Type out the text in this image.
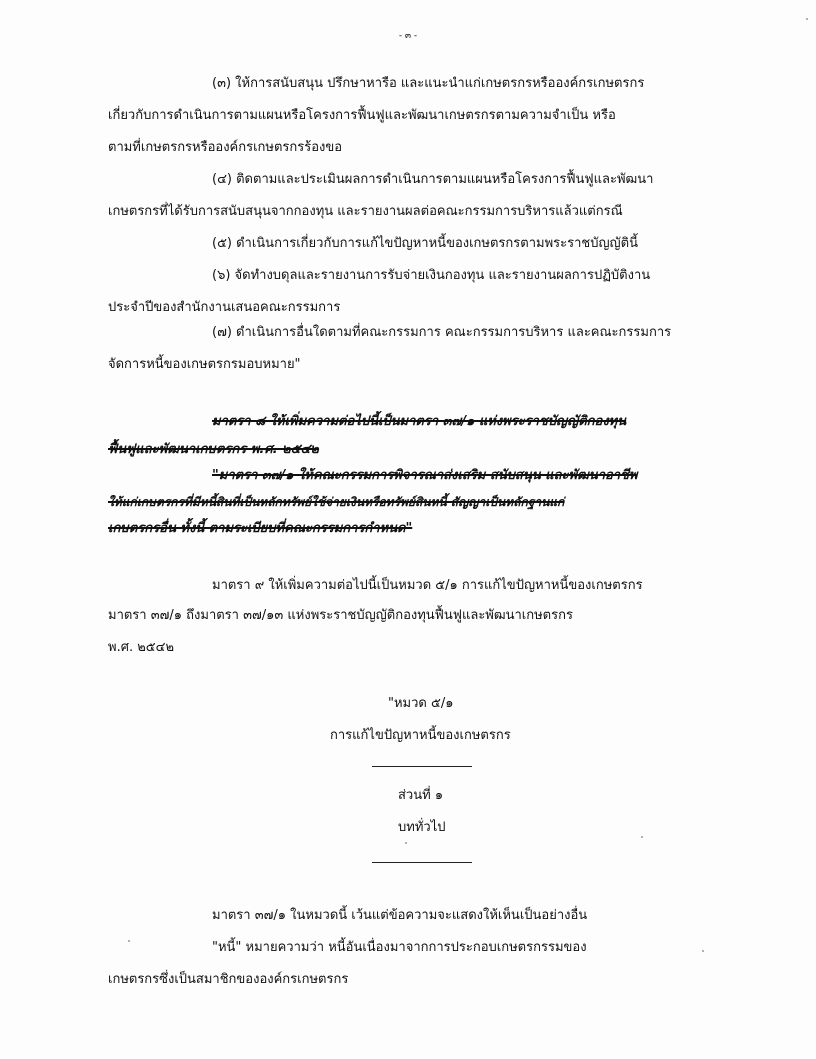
- ๓ -
(๓) ให้การสนับสนุน ปรึกษาหารือ และแนะนำแก่เกษตรกรหรือองค์กรเกษตรกร
เกี่ยวกับการดำเนินการตามแผนหรือโครงการฟื้นฟูและพัฒนาเกษตรกรตามความจำเป็น หรือ
ตามที่เกษตรกรหรือองค์กรเกษตรกรร้องขอ
(๔) ติดตามและประเมินผลการดำเนินการตามแผนหรือโครงการฟื้นฟูและพัฒนา
เกษตรกรที่ได้รับการสนับสนุนจากกองทุน และรายงานผลต่อคณะกรรมการบริหารแล้วแต่กรณี
(๕) ดำเนินการเกี่ยวกับการแก้ไขปัญหาหนี้ของเกษตรกรตามพระราชบัญญัตินี้
(๖) จัดทำงบดุลและรายงานการรับจ่ายเงินกองทุน และรายงานผลการปฏิบัติงาน
ประจำปีของสำนักงานเสนอคณะกรรมการ
(๗) ดำเนินการอื่นใดตามที่คณะกรรมการ คณะกรรมการบริหาร และคณะกรรมการ
จัดการหนี้ของเกษตรกรมอบหมาย"
มาตรา ๘ ให้เพิ่มความต่อไปนี้เป็นมาตรา ๓๗/๑ แห่งพระราชบัญญัติกองทุน
ฟื้นฟูและพัฒนาเกษตรกร พ.ศ. ๒๕๔๒
"มาตรา ๓๗/๑ ให้คณะกรรมการพิจารณาส่งเสริม สนับสนุน และพัฒนาอาชีพ
ให้แก่เกษตรกรที่มีหนี้สินที่เป็นหลักทรัพย์ใช้จ่ายเงินหรือทรัพย์สินหนี้ สัญญาเป็นหลักฐานแก่
เกษตรกรอื่น ทั้งนี้ ตามระเบียบที่คณะกรรมการกำหนด"
มาตรา ๙ ให้เพิ่มความต่อไปนี้เป็นหมวด ๕/๑ การแก้ไขปัญหาหนี้ของเกษตรกร
มาตรา ๓๗/๑ ถึงมาตรา ๓๗/๑๓ แห่งพระราชบัญญัติกองทุนฟื้นฟูและพัฒนาเกษตรกร
พ.ศ. ๒๕๔๒
"หมวด ๕/๑
การแก้ไขปัญหาหนี้ของเกษตรกร
ส่วนที่ ๑
บททั่วไป
มาตรา ๓๗/๑ ในหมวดนี้ เว้นแต่ข้อความจะแสดงให้เห็นเป็นอย่างอื่น
"หนี้" หมายความว่า หนี้อันเนื่องมาจากการประกอบเกษตรกรรมของ
เกษตรกรซึ่งเป็นสมาชิกขององค์กรเกษตรกร
